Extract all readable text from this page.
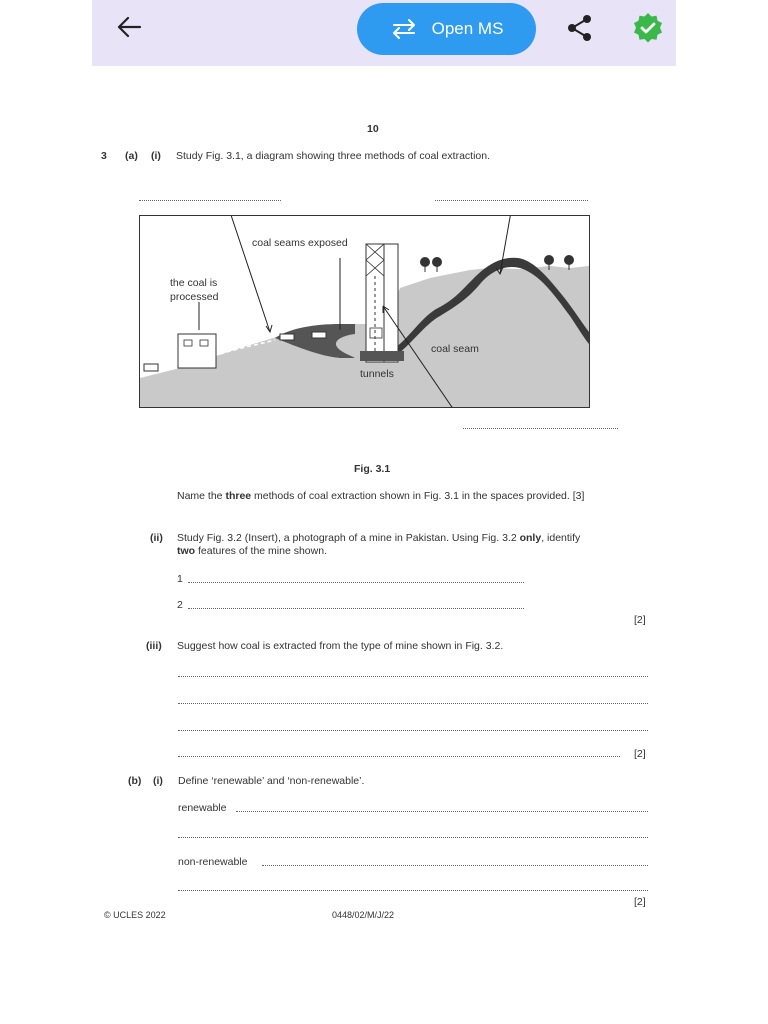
Open MS
10
3 (a) (i) Study Fig. 3.1, a diagram showing three methods of coal extraction.
coal seams exposed
the coal is
processed
coal seam
tunnels
Fig. 3.1
Name the three methods of coal extraction shown in Fig. 3.1 in the spaces provided. [3]
(ii) Study Fig. 3.2 (Insert), a photograph of a mine in Pakistan. Using Fig. 3.2 only, identify
two features of the mine shown.
1
2
[2]
(iii) Suggest how coal is extracted from the type of mine shown in Fig. 3.2.
[2]
(b) (i) Define ‘renewable’ and ‘non-renewable’.
renewable
non-renewable
[2]
© UCLES 2022	0448/02/M/J/22
